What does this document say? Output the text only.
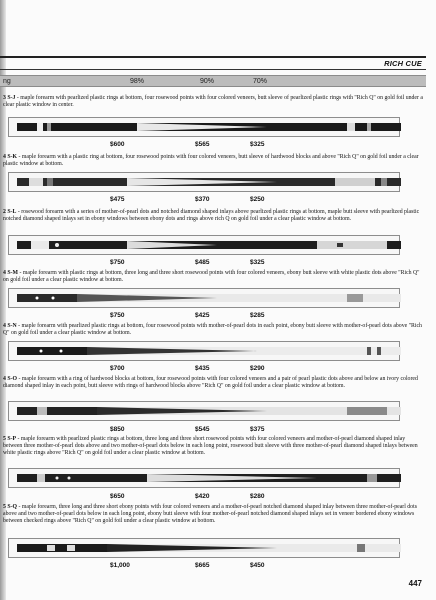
RICH CUE
ng	98%	90%	70%
3 S-J - maple forearm with pearlized plastic rings at bottom, four rosewood points with four colored veneers, butt sleeve of pearlized plastic rings with "Rich Q" on gold foil under a clear plastic window in center.
$600	$565	$325
4 S-K - maple forearm with a plastic ring at bottom, four rosewood points with four colored veneers, butt sleeve of hardwood blocks and above "Rich Q" on gold foil under a clear plastic window at bottom.
$475	$370	$250
2 S-L - rosewood forearm with a series of mother-of-pearl dots and notched diamond shaped inlays above pearlized plastic rings at bottom, maple butt sleeve with pearlized plastic notched diamond shaped inlays set in ebony windows between ebony dots and rings above rich Q on gold foil under a clear plastic window at bottom.
$750	$485	$325
4 S-M - maple forearm with plastic rings at bottom, three long and three short rosewood points with four colored veneers, ebony butt sleeve with white plastic dots above "Rich Q" on gold foil under a clear plastic window at bottom.
$750	$425	$285
4 S-N - maple forearm with pearlized plastic rings at bottom, four rosewood points with mother-of-pearl dots in each point, ebony butt sleeve with mother-of-pearl dots above "Rich Q" on gold foil under a clear plastic window at bottom.
$700	$435	$290
4 S-O - maple forearm with a ring of hardwood blocks at bottom, four rosewood points with four colored veneers and a pair of pearl plastic dots above and below an ivory colored diamond shaped inlay in each point, butt sleeve with rings of hardwood blocks above "Rich Q" on gold foil under a clear plastic window at bottom.
$850	$545	$375
5 S-P - maple forearm with pearlized plastic rings at bottom, three long and three short rosewood points with four colored veneers and mother-of-pearl diamond shaped inlay between three mother-of-pearl dots above and two mother-of-pearl dots below in each long point, rosewood butt sleeve with three mother-of-pearl diamond shaped inlays between white plastic rings above "Rich Q" on gold foil under a clear plastic window at bottom.
$650	$420	$280
5 S-Q - maple forearm, three long and three short ebony points with four colored veneers and a mother-of-pearl notched diamond shaped inlay between three mother-of-pearl dots above and two mother-of-pearl dots below in each long point, ebony butt sleeve with four mother-of-pearl notched diamond shaped inlays set in veneer bordered ebony windows between checked rings above "Rich Q" on gold foil under a clear plastic window at bottom.
$1,000	$665	$450
447
